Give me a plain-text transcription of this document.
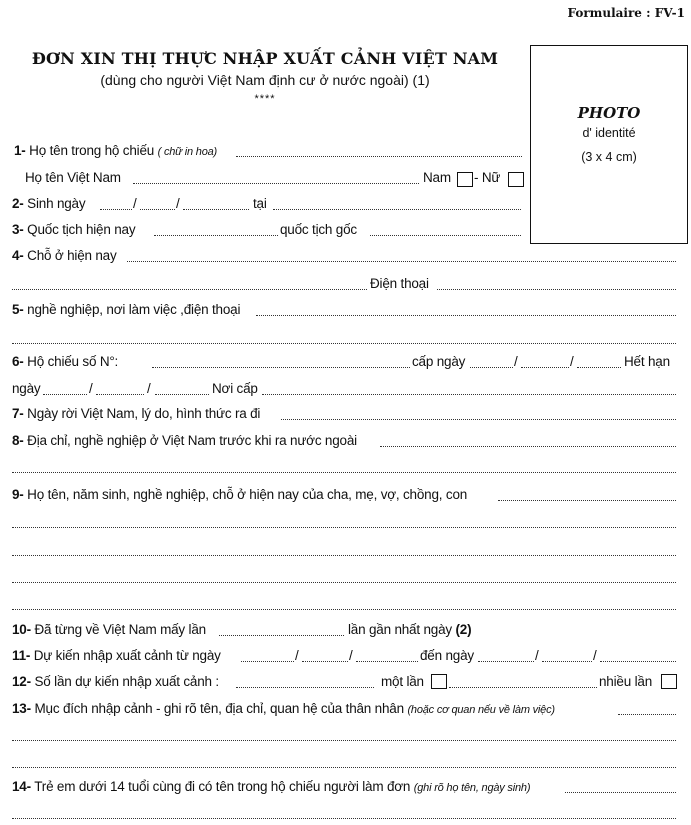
Formulaire : FV-1
ĐƠN XIN THỊ THỰC NHẬP XUẤT CẢNH VIỆT NAM
(dùng cho người Việt Nam định cư ở nước ngoài) (1)
****
PHOTO
d' identité
(3 x 4 cm)
1- Họ tên trong hộ chiếu ( chữ in hoa)
Họ tên Việt Nam	Nam - Nữ
2- Sinh ngày	/	/	tại
3- Quốc tịch hiện nay	quốc tịch gốc
4- Chỗ ở hiện nay
Điện thoại
5- nghề nghiệp, nơi làm việc ,điện thoại
6- Hộ chiếu số N°:	cấp ngày	/	/	Hết hạn
ngày	/	/	Nơi cấp
7- Ngày rời Việt Nam, lý do, hình thức ra đi
8- Địa chỉ, nghề nghiệp ở Việt Nam trước khi ra nước ngoài
9- Họ tên, năm sinh, nghề nghiệp, chỗ ở hiện nay của cha, mẹ, vợ, chồng, con
10- Đã từng về Việt Nam mấy lần	lần gần nhất ngày (2)
11- Dự kiến nhập xuất cảnh từ ngày	/	/	đến ngày	/	/
12- Số lần dự kiến nhập xuất cảnh :	một lần	nhiều lần
13- Mục đích nhập cảnh - ghi rõ tên, địa chỉ, quan hệ của thân nhân (hoặc cơ quan nếu về làm việc)
14- Trẻ em dưới 14 tuổi cùng đi có tên trong hộ chiếu người làm đơn (ghi rõ họ tên, ngày sinh)
